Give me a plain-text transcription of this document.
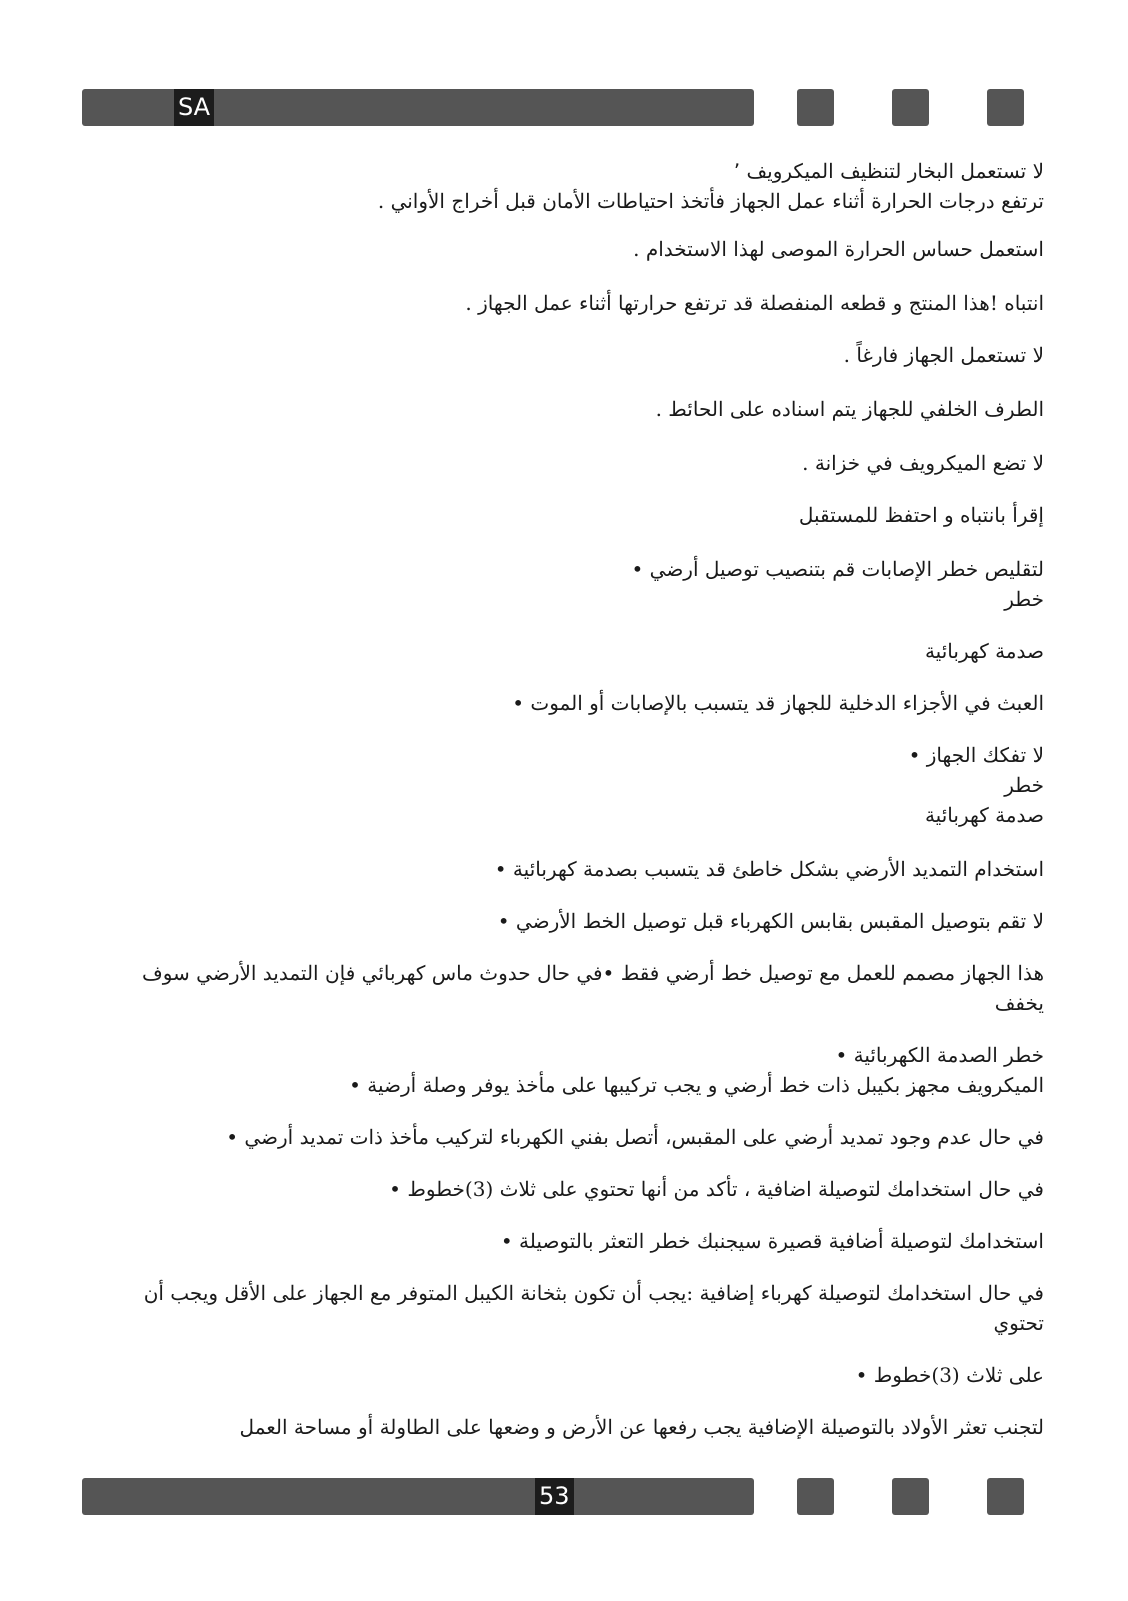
SA

لا تستعمل البخار لتنظيف الميكرويف ٬

ترتفع درجات الحرارة أثناء عمل الجهاز فأتخذ احتياطات الأمان قبل أخراج الأواني .

استعمل حساس الحرارة الموصى لهذا الاستخدام .

انتباه !هذا المنتج و قطعه المنفصلة قد ترتفع حرارتها أثناء عمل الجهاز .

لا تستعمل الجهاز فارغاً .

الطرف الخلفي للجهاز يتم اسناده على الحائط .

لا تضع الميكرويف في خزانة .

إقرأ بانتباه و احتفظ للمستقبل

لتقليص خطر الإصابات قم بتنصيب توصيل أرضي •

خطر

صدمة كهربائية

العبث في الأجزاء الدخلية للجهاز قد يتسبب بالإصابات أو الموت •

لا تفكك الجهاز •

خطر

صدمة كهربائية

استخدام التمديد الأرضي بشكل خاطئ قد يتسبب بصدمة كهربائية •

لا تقم بتوصيل المقبس بقابس الكهرباء قبل توصيل الخط الأرضي •

هذا الجهاز مصمم للعمل مع توصيل خط أرضي فقط •في حال حدوث ماس كهربائي فإن التمديد الأرضي سوف يخفف

خطر الصدمة الكهربائية •

الميكرويف مجهز بكيبل ذات خط أرضي و يجب تركيبها على مأخذ يوفر وصلة أرضية •

في حال عدم وجود تمديد أرضي على المقبس، أتصل بفني الكهرباء لتركيب مأخذ ذات تمديد أرضي •

في حال استخدامك لتوصيلة اضافية ، تأكد من أنها تحتوي على ثلاث (3)خطوط •

استخدامك لتوصيلة أضافية قصيرة سيجنبك خطر التعثر بالتوصيلة •

في حال استخدامك لتوصيلة كهرباء إضافية :يجب أن تكون بثخانة الكيبل المتوفر مع الجهاز على الأقل ويجب أن تحتوي

على ثلاث (3)خطوط •

لتجنب تعثر الأولاد بالتوصيلة الإضافية يجب رفعها عن الأرض و وضعها على الطاولة أو مساحة العمل

53
